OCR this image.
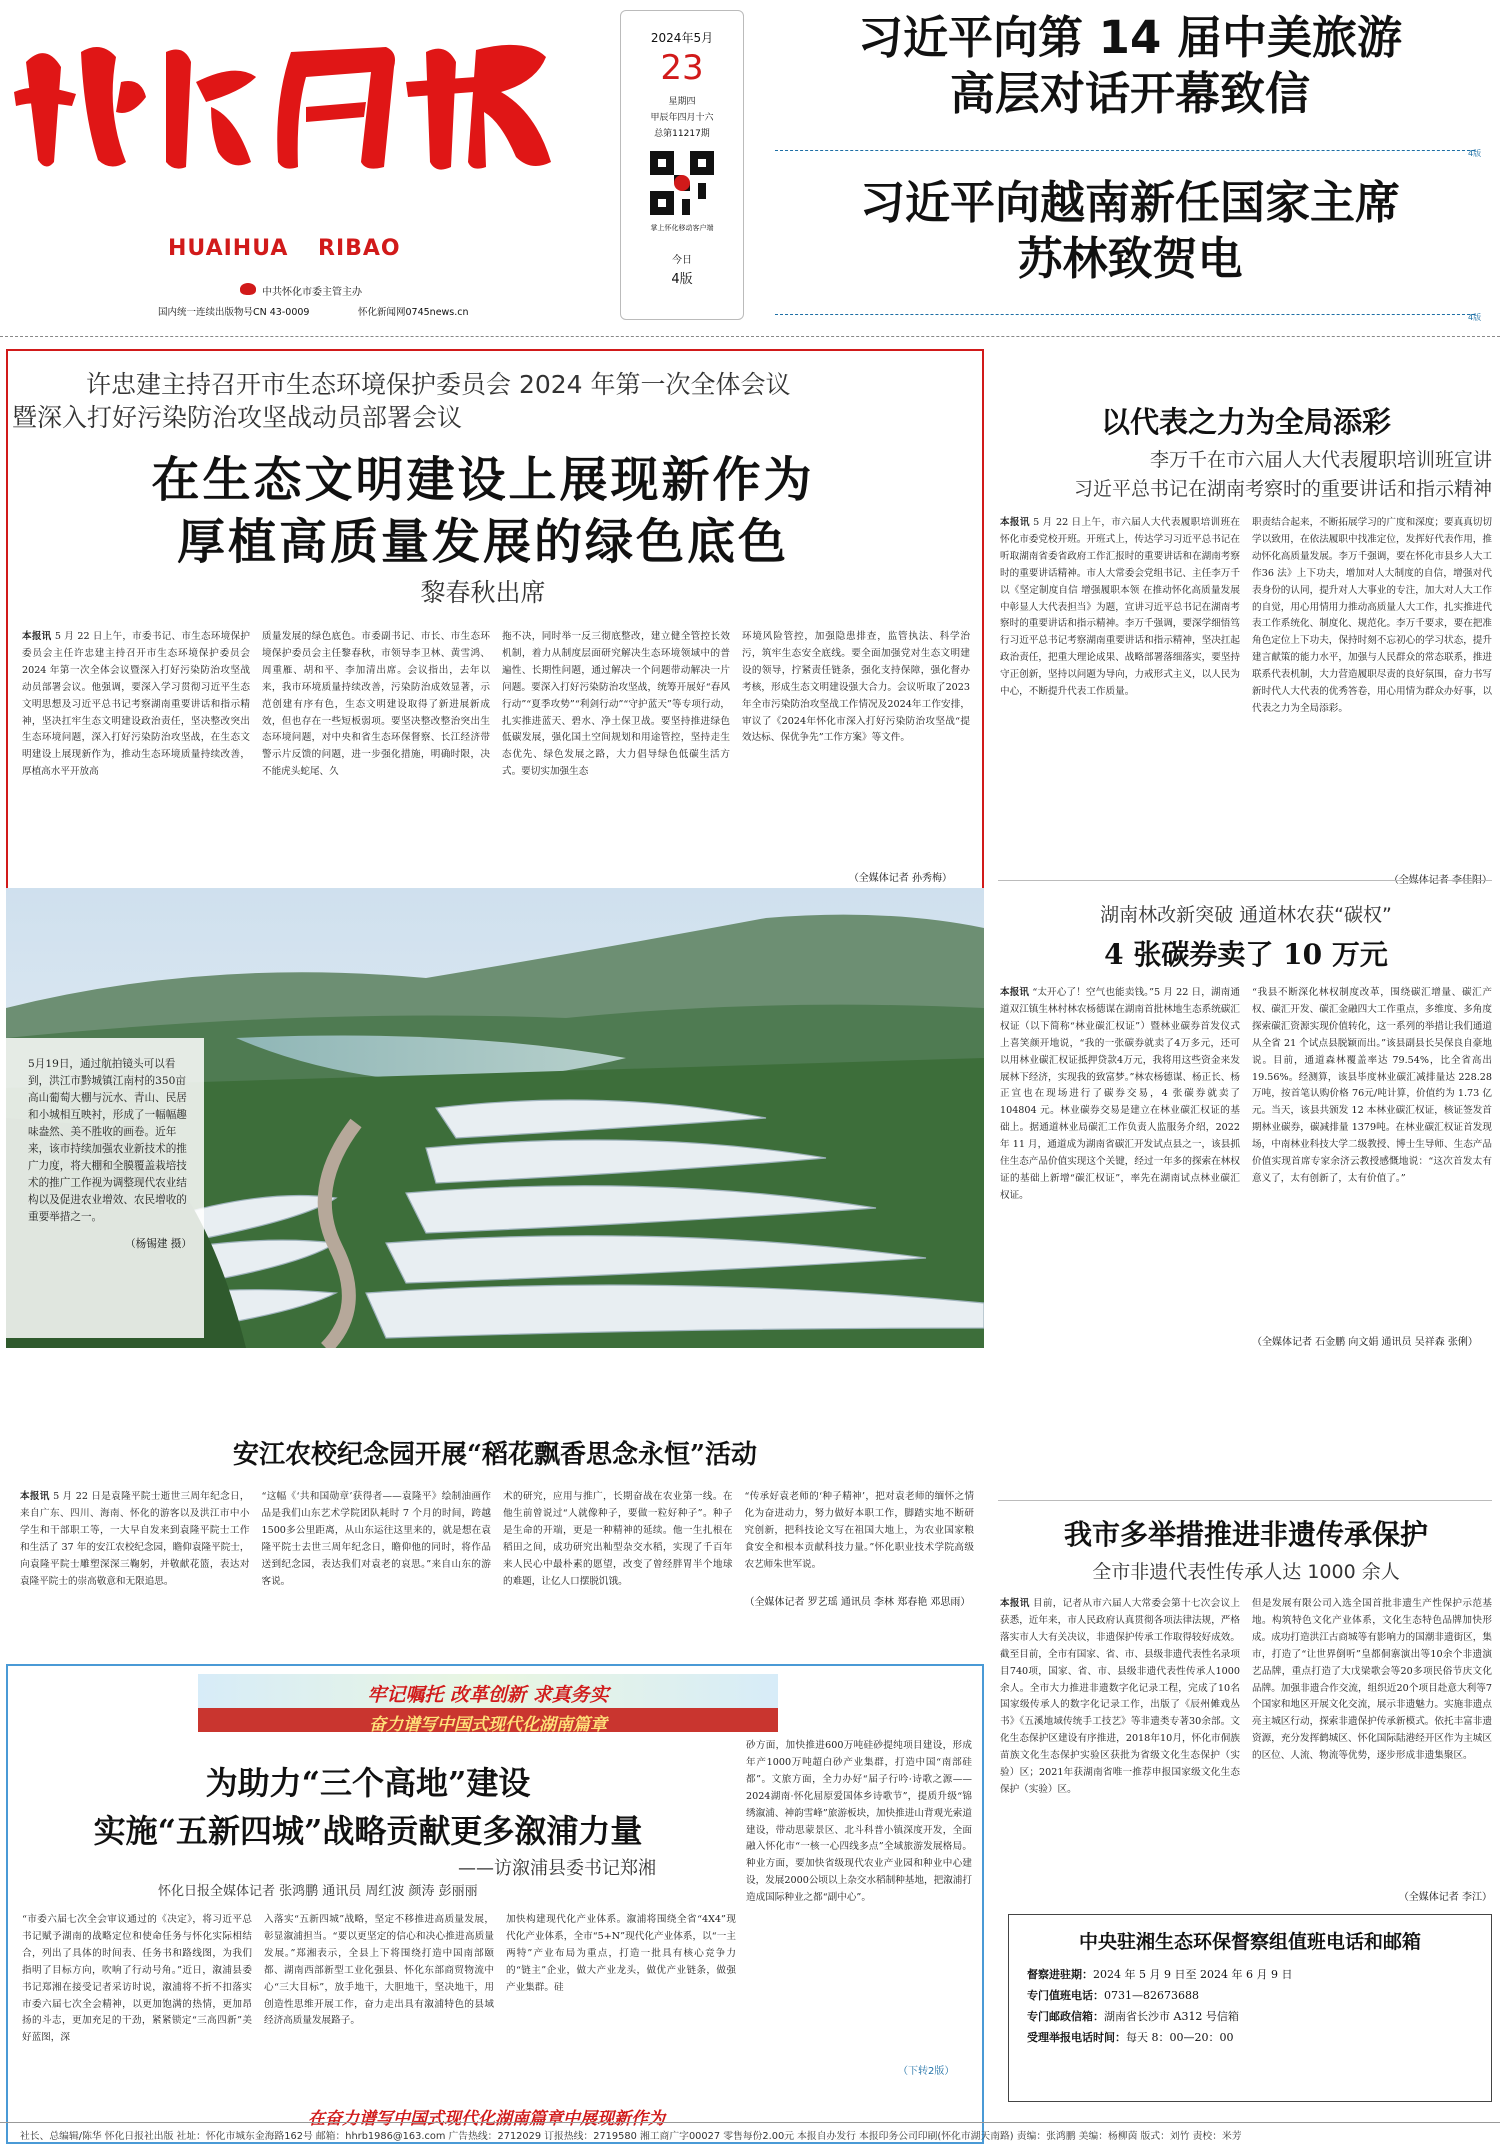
HUAIHUA RIBAO
中共怀化市委主管主办
国内统一连续出版物号CN 43-0009	怀化新闻网0745news.cn
2024年5月
23
星期四
甲辰年四月十六
总第11217期
掌上怀化移动客户端
今日
4版
习近平向第 14 届中美旅游
高层对话开幕致信
4版
习近平向越南新任国家主席
苏林致贺电
4版
许忠建主持召开市生态环境保护委员会 2024 年第一次全体会议
暨深入打好污染防治攻坚战动员部署会议
在生态文明建设上展现新作为
厚植高质量发展的绿色底色
黎春秋出席
本报讯 5 月 22 日上午，市委书记、市生态环境保护委员会主任许忠建主持召开市生态环境保护委员会 2024 年第一次全体会议暨深入打好污染防治攻坚战动员部署会议。他强调，要深入学习贯彻习近平生态文明思想及习近平总书记考察湖南重要讲话和指示精神，坚决扛牢生态文明建设政治责任，坚决整改突出生态环境问题，深入打好污染防治攻坚战，在生态文明建设上展现新作为，推动生态环境质量持续改善，厚植高水平开放高
质量发展的绿色底色。市委副书记、市长、市生态环境保护委员会主任黎春秋，市领导李卫林、黄雪鸿、周重雁、胡和平、李加清出席。会议指出，去年以来，我市环境质量持续改善，污染防治成效显著，示范创建有序有色，生态文明建设取得了新进展新成效，但也存在一些短板弱项。要坚决整改整治突出生态环境问题，对中央和省生态环保督察、长江经济带警示片反馈的问题，进一步强化措施，明确时限，决不能虎头蛇尾、久
拖不决，同时举一反三彻底整改，建立健全管控长效机制，着力从制度层面研究解决生态环境领域中的普遍性、长期性问题，通过解决一个问题带动解决一片问题。要深入打好污染防治攻坚战，统筹开展好“春风行动”“夏季攻势”“利剑行动”“守护蓝天”等专项行动，扎实推进蓝天、碧水、净土保卫战。要坚持推进绿色低碳发展，强化国土空间规划和用途管控，坚持走生态优先、绿色发展之路，大力倡导绿色低碳生活方式。要切实加强生态
环境风险管控，加强隐患排查，监管执法、科学治污，筑牢生态安全底线。要全面加强党对生态文明建设的领导，拧紧责任链条，强化支持保障，强化督办考核，形成生态文明建设强大合力。会议听取了2023年全市污染防治攻坚战工作情况及2024年工作安排，审议了《2024年怀化市深入打好污染防治攻坚战“提效达标、保优争先”工作方案》等文件。
（全媒体记者 孙秀梅）
以代表之力为全局添彩
李万千在市六届人大代表履职培训班宣讲
习近平总书记在湖南考察时的重要讲话和指示精神
本报讯 5 月 22 日上午，市六届人大代表履职培训班在怀化市委党校开班。开班式上，传达学习习近平总书记在听取湖南省委省政府工作汇报时的重要讲话和在湖南考察时的重要讲话精神。市人大常委会党组书记、主任李万千以《坚定制度自信 增强履职本领 在推动怀化高质量发展中彰显人大代表担当》为题，宣讲习近平总书记在湖南考察时的重要讲话和指示精神。李万千强调，要深学细悟笃行习近平总书记考察湖南重要讲话和指示精神，坚决扛起政治责任，把重大理论成果、战略部署落细落实，要坚持守正创新，坚持以问题为导向，力戒形式主义，以人民为中心，不断提升代表工作质量。
职责结合起来，不断拓展学习的广度和深度；要真真切切学以致用，在依法履职中找准定位，发挥好代表作用，推动怀化高质量发展。李万千强调，要在怀化市县乡人大工作36 法》上下功夫，增加对人大制度的自信，增强对代表身份的认同，提升对人大事业的专注，加大对人大工作的自觉，用心用情用力推动高质量人大工作，扎实推进代表工作系统化、制度化、规范化。李万千要求，要在把准角色定位上下功夫，保持时刻不忘初心的学习状态，提升建言献策的能力水平，加强与人民群众的常态联系，推进联系代表机制，大力营造履职尽责的良好氛围，奋力书写新时代人大代表的优秀答卷，用心用情为群众办好事，以代表之力为全局添彩。
5月19日，通过航拍镜头可以看到，洪江市黔城镇江南村的350亩高山葡萄大棚与沅水、青山、民居和小城相互映衬，形成了一幅幅趣味盎然、美不胜收的画卷。近年来，该市持续加强农业新技术的推广力度，将大棚和全膜覆盖栽培技术的推广工作视为调整现代农业结构以及促进农业增效、农民增收的重要举措之一。
（杨锡建 摄）
湖南林改新突破 通道林农获“碳权”
4 张碳券卖了 10 万元
本报讯 “太开心了！空气也能卖钱。”5 月 22 日，湖南通道双江镇生林村林农杨德谋在湖南首批林地生态系统碳汇权证（以下简称“林业碳汇权证”）暨林业碳券首发仪式上喜笑颜开地说，“我的一张碳券就卖了4万多元，还可以用林业碳汇权证抵押贷款4万元，我将用这些资金来发展林下经济，实现我的致富梦。”林农杨德谋、杨正长、杨正宣也在现场进行了碳券交易，4 张碳券就卖了 104804 元。林业碳券交易是建立在林业碳汇权证的基础上。据通道林业局碳汇工作负责人监服务介绍，2022 年 11 月，通道成为湖南省碳汇开发试点县之一，该县抓住生态产品价值实现这个关键，经过一年多的探索在林权证的基础上新增“碳汇权证”，率先在湖南试点林业碳汇权证。
“我县不断深化林权制度改革，围绕碳汇增量、碳汇产权、碳汇开发、碳汇金融四大工作重点，多维度、多角度探索碳汇资源实现价值转化，这一系列的举措让我们通道从全省 21 个试点县脱颖而出。”该县副县长吴保良自豪地说。目前，通道森林覆盖率达 79.54%，比全省高出19.56%。经测算，该县毕度林业碳汇减排量达 228.28 万吨，按首笔认购价格 76元/吨计算，价值约为 1.73 亿元。当天，该县共颁发 12 本林业碳汇权证，核证签发首期林业碳券，碳减排量 1379吨。在林业碳汇权证首发现场，中南林业科技大学二级教授、博士生导师、生态产品价值实现首席专家余济云教授感慨地说：“这次首发太有意义了，太有创新了，太有价值了。”
（全媒体记者 石金鹏 向文娟 通讯员 吴祥森 张俐）
安江农校纪念园开展“稻花飘香思念永恒”活动
本报讯 5 月 22 日是袁隆平院士逝世三周年纪念日，来自广东、四川、海南、怀化的游客以及洪江市中小学生和干部职工等，一大早自发来到袁隆平院士工作和生活了 37 年的安江农校纪念园，瞻仰袁隆平院士，向袁隆平院士雕塑深深三鞠躬，并敬献花篮，表达对袁隆平院士的崇高敬意和无限追思。
“这幅《‘共和国勋章’获得者——袁隆平》绘制油画作品是我们山东艺术学院团队耗时 7 个月的时间，跨越 1500多公里距离，从山东运往这里来的，就是想在袁隆平院士去世三周年纪念日，瞻仰他的同时，将作品送到纪念园，表达我们对袁老的哀思。”来自山东的游客说。
术的研究，应用与推广，长期奋战在农业第一线。在他生前曾说过“人就像种子，要做一粒好种子”。种子是生命的开端，更是一种精神的延续。他一生扎根在稻田之间，成功研究出籼型杂交水稻，实现了千百年来人民心中最朴素的愿望，改变了曾经胖胃半个地球的难题，让亿人口摆脱饥饿。
“传承好袁老师的‘种子精神’，把对袁老师的缅怀之情化为奋进动力，努力做好本职工作，脚踏实地不断研究创新，把科技论文写在祖国大地上，为农业国家粮食安全和根本贡献科技力量。”怀化职业技术学院高级农艺师朱世军说。
（全媒体记者 罗艺瑶 通讯员 李林 郑春艳 邓思雨）
牢记嘱托 改革创新 求真务实
奋力谱写中国式现代化湖南篇章
为助力“三个高地”建设
实施“五新四城”战略贡献更多溆浦力量
——访溆浦县委书记郑湘
怀化日报全媒体记者 张鸿鹏 通讯员 周红波 颜涛 彭丽丽
“市委六届七次全会审议通过的《决定》，将习近平总书记赋予湖南的战略定位和使命任务与怀化实际相结合，列出了具体的时间表、任务书和路线图，为我们指明了目标方向，吹响了行动号角。”近日，溆浦县委书记郑湘在接受记者采访时说，溆浦将不折不扣落实市委六届七次全会精神，以更加饱满的热情，更加昂扬的斗志，更加充足的干劲，紧紧锁定“三高四新”美好蓝图，深
入落实“五新四城”战略，坚定不移推进高质量发展，彰显溆浦担当。“要以更坚定的信心和决心推进高质量发展。”郑湘表示，全县上下将围绕打造中国南部颐都、湖南西部新型工业化强县、怀化东部商贸物流中心“三大目标”，放手地干，大胆地干，坚决地干，用创造性思维开展工作，奋力走出具有溆浦特色的县域经济高质量发展路子。
加快构建现代化产业体系。溆浦将围绕全省“4X4”现代化产业体系，全市“5+N”现代化产业体系，以“一主两特”产业布局为重点，打造一批具有核心竞争力的“链主”企业，做大产业龙头，做优产业链条，做强产业集群。硅
砂方面，加快推进600万吨硅砂提纯项目建设，形成年产1000万吨超白砂产业集群，打造中国“南部硅都”。文旅方面，全力办好“届子行吟·诗歌之源——2024湖南·怀化屈原爱国体乡诗歌节”，提质升级“锦绣溆浦、神韵雪峰”旅游板块，加快推进山背观光索道建设，带动思蒙景区、北斗科普小镇深度开发，全面融入怀化市“一核一心四线多点”全域旅游发展格局。种业方面，要加快省级现代农业产业园和种业中心建设，发展2000公顷以上杂交水稻制种基地，把溆浦打造成国际种业之都“副中心”。
（下转2版）
在奋力谱写中国式现代化湖南篇章中展现新作为
我市多举措推进非遗传承保护
全市非遗代表性传承人达 1000 余人
本报讯 目前，记者从市六届人大常委会第十七次会议上获悉，近年来，市人民政府认真贯彻各项法律法规，严格落实市人大有关决议，非遗保护传承工作取得较好成效。截至目前，全市有国家、省、市、县级非遗代表性名录项目740项，国家、省、市、县级非遗代表性传承人1000余人。全市大力推进非遗数字化记录工程，完成了10名国家级传承人的数字化记录工作，出版了《辰州傩戏丛书》《五溪地域传统手工技艺》等非遗类专著30余部。文化生态保护区建设有序推进，2018年10月，怀化市侗族苗族文化生态保护实验区获批为省级文化生态保护（实验）区；2021年获湖南省唯一推荐申报国家级文化生态保护（实验）区。
但是发展有限公司入选全国首批非遗生产性保护示范基地。构筑特色文化产业体系，文化生态特色品牌加快形成。成功打造洪江古商城等有影响力的国潮非遗街区，集市，打造了“让世界倒听”皇都侗寨演出等10余个非遗演艺品牌，重点打造了大戊梁歌会等20多项民俗节庆文化品牌。加强非遗合作交流，组织近20个项目赴意大利等7个国家和地区开展文化交流，展示非遗魅力。实施非遗点亮主城区行动，探索非遗保护传承新模式。依托丰富非遗资源，充分发挥鹤城区、怀化国际陆港经开区作为主城区的区位、人流、物流等优势，逐步形成非遗集聚区。
（全媒体记者 李江）
中央驻湘生态环保督察组值班电话和邮箱
督察进驻期：2024 年 5 月 9 日至 2024 年 6 月 9 日
专门值班电话：0731—82673688
专门邮政信箱：湖南省长沙市 A312 号信箱
受理举报电话时间：每天 8：00—20：00
社长、总编辑/陈华 怀化日报社出版 社址：怀化市城东金海路162号 邮箱：hhrb1986@163.com 广告热线：2712029 订报热线：2719580 湘工商广字00027 零售每份2.00元 本报自办发行 本报印务公司印刷(怀化市湖天南路) 责编：张鸿鹏 美编：杨柳茵 版式：刘竹 责校：米芳
